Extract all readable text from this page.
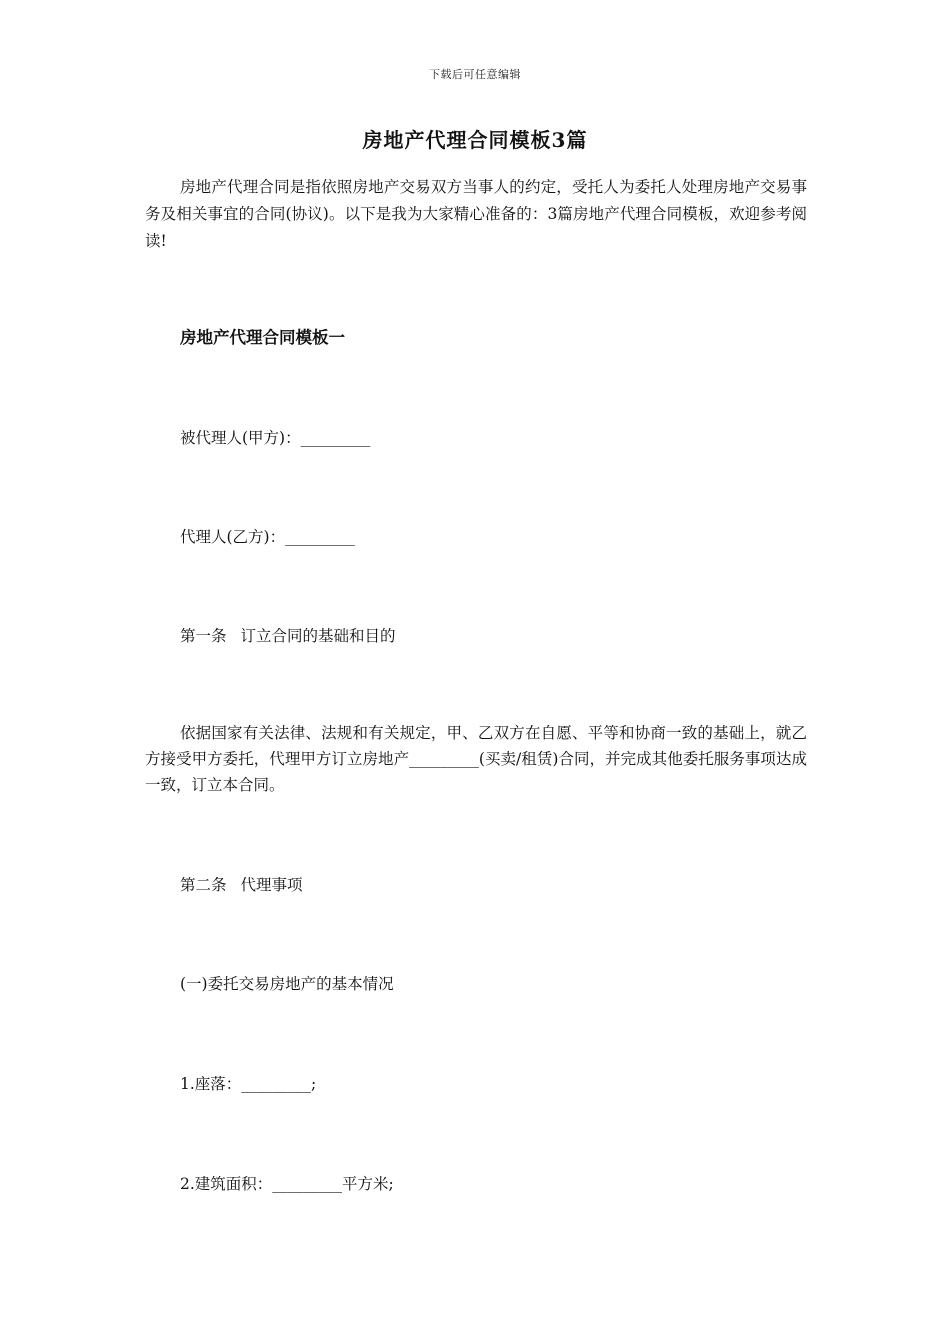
下载后可任意编辑
房地产代理合同模板3篇
房地产代理合同是指依照房地产交易双方当事人的约定，受托人为委托人处理房地产交易事务及相关事宜的合同(协议)。以下是我为大家精心准备的：3篇房地产代理合同模板，欢迎参考阅读!
房地产代理合同模板一
被代理人(甲方)：_________
代理人(乙方)：_________
第一条 订立合同的基础和目的
依据国家有关法律、法规和有关规定，甲、乙双方在自愿、平等和协商一致的基础上，就乙方接受甲方委托，代理甲方订立房地产_________(买卖/租赁)合同，并完成其他委托服务事项达成一致，订立本合同。
第二条 代理事项
(一)委托交易房地产的基本情况
1.座落：_________;
2.建筑面积：_________平方米;
